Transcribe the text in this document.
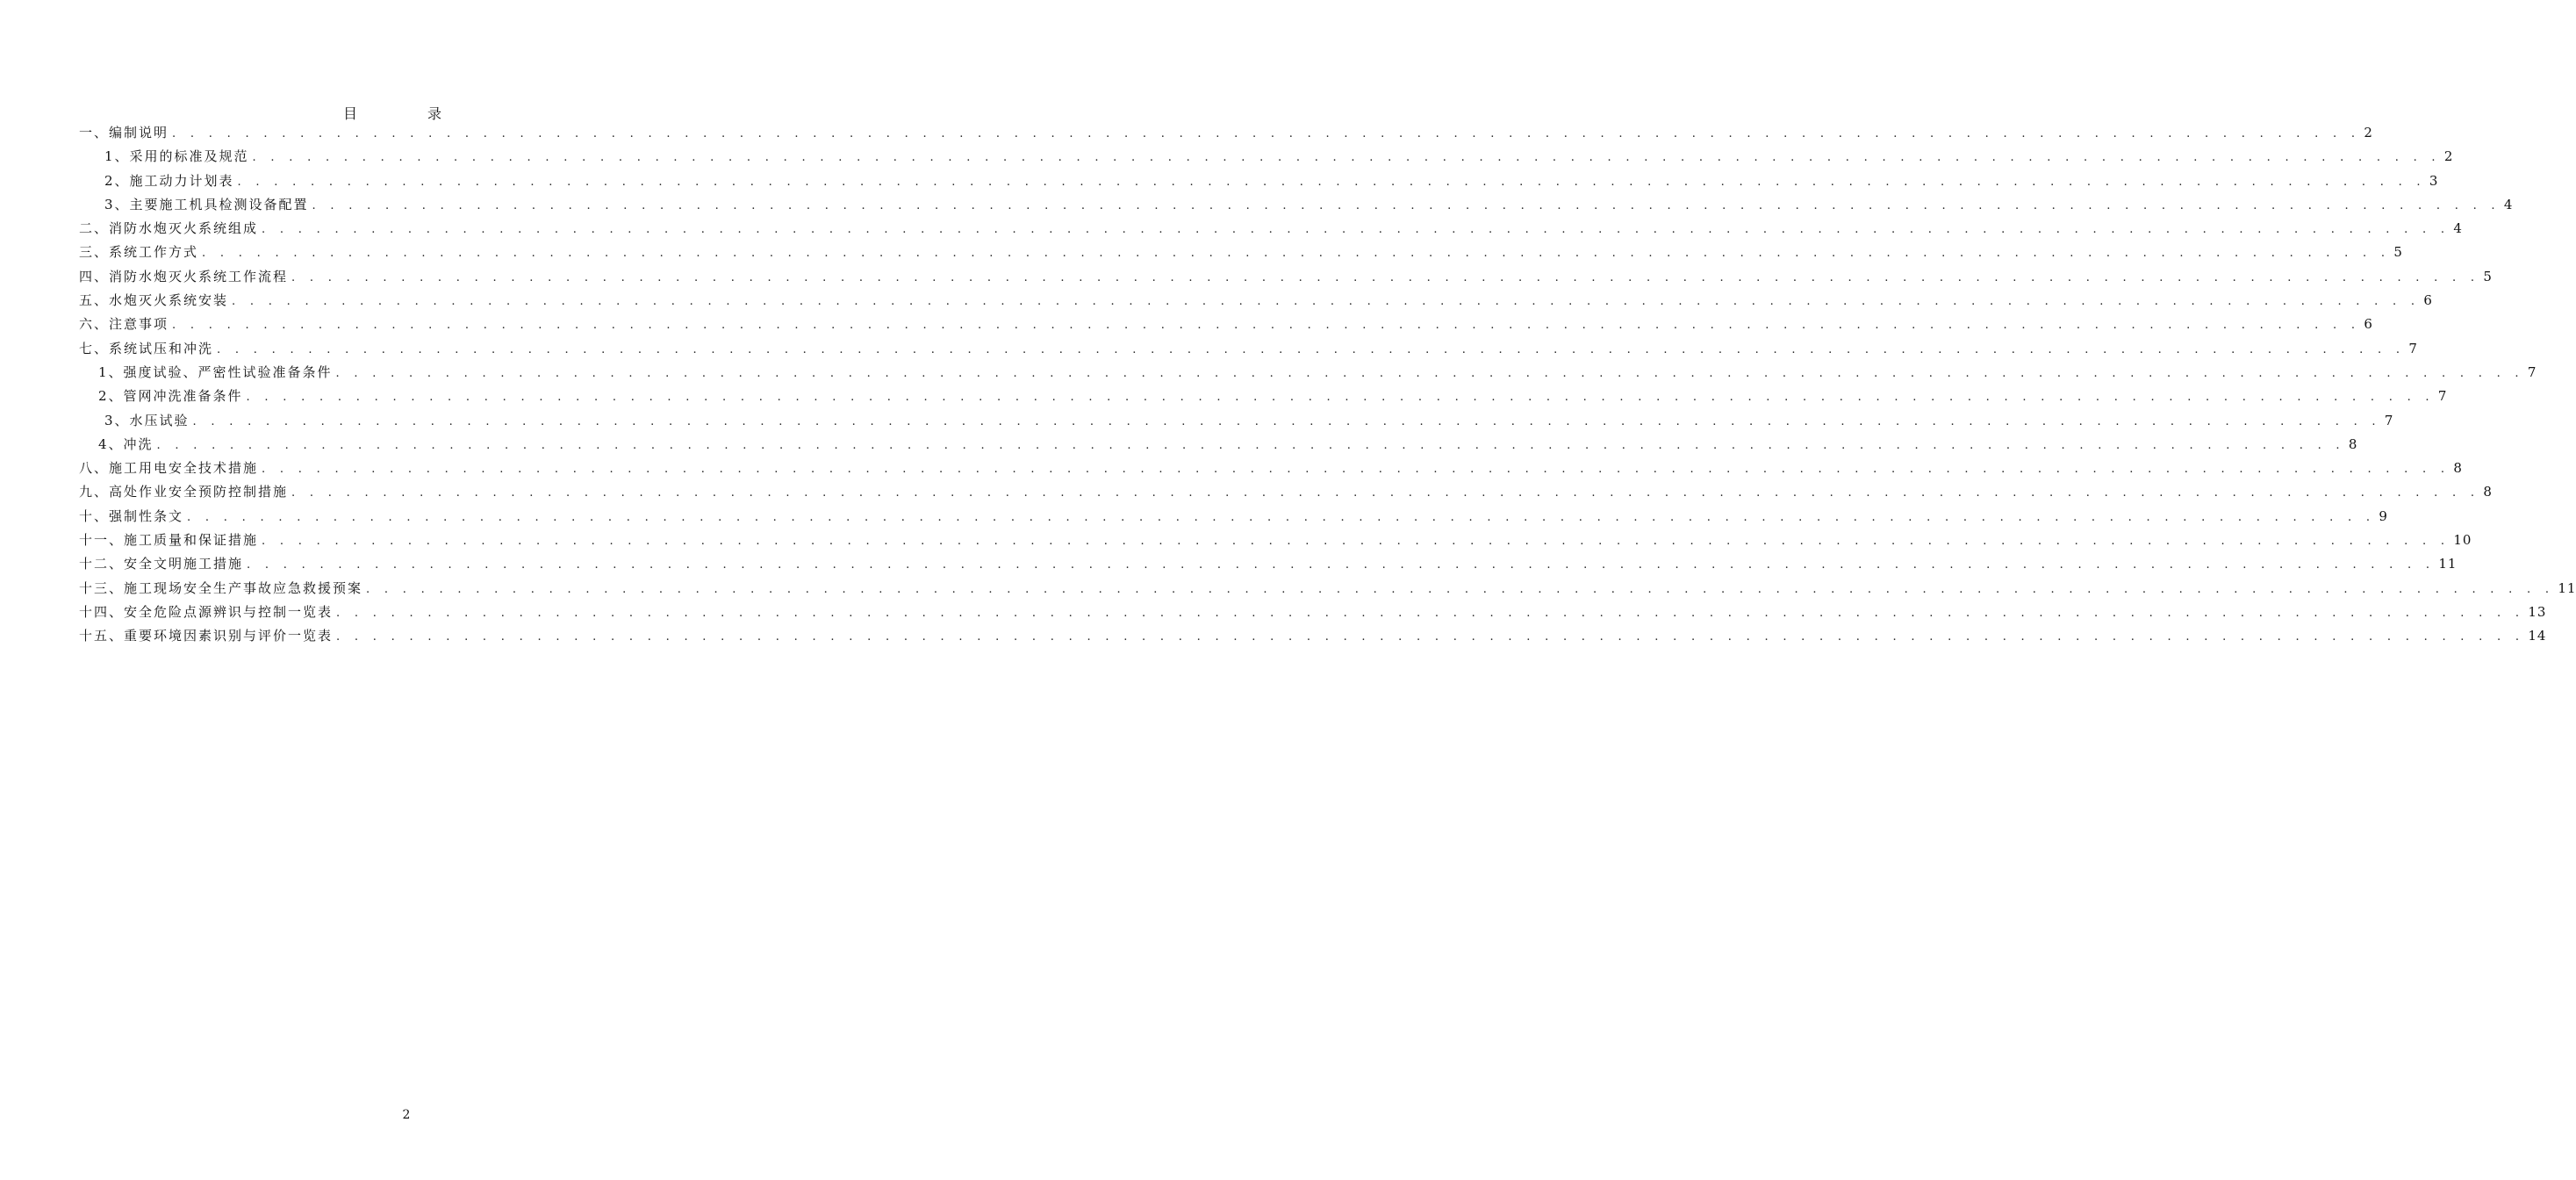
目　录
一、编制说明 . . . . . . . . . . . . . . . . . . . . . . . . . . . . . . . . . . . . . . . . . . . . . . . . . . . . . . . . . . . . . . . . . . . . . . . . . . . . . . . . . . . . . . . . . . . . . . . . . . . . . . . . . . . . . . . . . . . . . . . . 2
1、采用的标准及规范 . . . . . . . . . . . . . . . . . . . . . . . . . . . . . . . . . . . . . . . . . . . . . . . . . . . . . . . . . . . . . . . . . . . . . . . . . . . . . . . . . . . . . . . . . . . . . . . . . . . . . . . . . . . . . . . . . . . . . . . . 2
2、施工动力计划表 . . . . . . . . . . . . . . . . . . . . . . . . . . . . . . . . . . . . . . . . . . . . . . . . . . . . . . . . . . . . . . . . . . . . . . . . . . . . . . . . . . . . . . . . . . . . . . . . . . . . . . . . . . . . . . . . . . . . . . . . 3
3、主要施工机具检测设备配置 . . . . . . . . . . . . . . . . . . . . . . . . . . . . . . . . . . . . . . . . . . . . . . . . . . . . . . . . . . . . . . . . . . . . . . . . . . . . . . . . . . . . . . . . . . . . . . . . . . . . . . . . . . . . . . . . . . . . . . . . 4
二、消防水炮灭火系统组成 . . . . . . . . . . . . . . . . . . . . . . . . . . . . . . . . . . . . . . . . . . . . . . . . . . . . . . . . . . . . . . . . . . . . . . . . . . . . . . . . . . . . . . . . . . . . . . . . . . . . . . . . . . . . . . . . . . . . . . . . 4
三、系统工作方式 . . . . . . . . . . . . . . . . . . . . . . . . . . . . . . . . . . . . . . . . . . . . . . . . . . . . . . . . . . . . . . . . . . . . . . . . . . . . . . . . . . . . . . . . . . . . . . . . . . . . . . . . . . . . . . . . . . . . . . . . 5
四、消防水炮灭火系统工作流程 . . . . . . . . . . . . . . . . . . . . . . . . . . . . . . . . . . . . . . . . . . . . . . . . . . . . . . . . . . . . . . . . . . . . . . . . . . . . . . . . . . . . . . . . . . . . . . . . . . . . . . . . . . . . . . . . . . . . . . . . 5
五、水炮灭火系统安装 . . . . . . . . . . . . . . . . . . . . . . . . . . . . . . . . . . . . . . . . . . . . . . . . . . . . . . . . . . . . . . . . . . . . . . . . . . . . . . . . . . . . . . . . . . . . . . . . . . . . . . . . . . . . . . . . . . . . . . . . 6
六、注意事项 . . . . . . . . . . . . . . . . . . . . . . . . . . . . . . . . . . . . . . . . . . . . . . . . . . . . . . . . . . . . . . . . . . . . . . . . . . . . . . . . . . . . . . . . . . . . . . . . . . . . . . . . . . . . . . . . . . . . . . . . 6
七、系统试压和冲洗 . . . . . . . . . . . . . . . . . . . . . . . . . . . . . . . . . . . . . . . . . . . . . . . . . . . . . . . . . . . . . . . . . . . . . . . . . . . . . . . . . . . . . . . . . . . . . . . . . . . . . . . . . . . . . . . . . . . . . . . . 7
1、强度试验、严密性试验准备条件 . . . . . . . . . . . . . . . . . . . . . . . . . . . . . . . . . . . . . . . . . . . . . . . . . . . . . . . . . . . . . . . . . . . . . . . . . . . . . . . . . . . . . . . . . . . . . . . . . . . . . . . . . . . . . . . . . . . . . . . . 7
2、管网冲洗准备条件 . . . . . . . . . . . . . . . . . . . . . . . . . . . . . . . . . . . . . . . . . . . . . . . . . . . . . . . . . . . . . . . . . . . . . . . . . . . . . . . . . . . . . . . . . . . . . . . . . . . . . . . . . . . . . . . . . . . . . . . . 7
3、水压试验 . . . . . . . . . . . . . . . . . . . . . . . . . . . . . . . . . . . . . . . . . . . . . . . . . . . . . . . . . . . . . . . . . . . . . . . . . . . . . . . . . . . . . . . . . . . . . . . . . . . . . . . . . . . . . . . . . . . . . . . . 7
4、冲洗 . . . . . . . . . . . . . . . . . . . . . . . . . . . . . . . . . . . . . . . . . . . . . . . . . . . . . . . . . . . . . . . . . . . . . . . . . . . . . . . . . . . . . . . . . . . . . . . . . . . . . . . . . . . . . . . . . . . . . . . . 8
八、施工用电安全技术措施 . . . . . . . . . . . . . . . . . . . . . . . . . . . . . . . . . . . . . . . . . . . . . . . . . . . . . . . . . . . . . . . . . . . . . . . . . . . . . . . . . . . . . . . . . . . . . . . . . . . . . . . . . . . . . . . . . . . . . . . . 8
九、高处作业安全预防控制措施 . . . . . . . . . . . . . . . . . . . . . . . . . . . . . . . . . . . . . . . . . . . . . . . . . . . . . . . . . . . . . . . . . . . . . . . . . . . . . . . . . . . . . . . . . . . . . . . . . . . . . . . . . . . . . . . . . . . . . . . . 8
十、强制性条文 . . . . . . . . . . . . . . . . . . . . . . . . . . . . . . . . . . . . . . . . . . . . . . . . . . . . . . . . . . . . . . . . . . . . . . . . . . . . . . . . . . . . . . . . . . . . . . . . . . . . . . . . . . . . . . . . . . . . . . . . 9
十一、施工质量和保证措施 . . . . . . . . . . . . . . . . . . . . . . . . . . . . . . . . . . . . . . . . . . . . . . . . . . . . . . . . . . . . . . . . . . . . . . . . . . . . . . . . . . . . . . . . . . . . . . . . . . . . . . . . . . . . . . . . . . . . . . . . 10
十二、安全文明施工措施 . . . . . . . . . . . . . . . . . . . . . . . . . . . . . . . . . . . . . . . . . . . . . . . . . . . . . . . . . . . . . . . . . . . . . . . . . . . . . . . . . . . . . . . . . . . . . . . . . . . . . . . . . . . . . . . . . . . . . . . . 11
十三、施工现场安全生产事故应急救援预案 . . . . . . . . . . . . . . . . . . . . . . . . . . . . . . . . . . . . . . . . . . . . . . . . . . . . . . . . . . . . . . . . . . . . . . . . . . . . . . . . . . . . . . . . . . . . . . . . . . . . . . . . . . . . . . . . . . . . . . . . 11
十四、安全危险点源辨识与控制一览表 . . . . . . . . . . . . . . . . . . . . . . . . . . . . . . . . . . . . . . . . . . . . . . . . . . . . . . . . . . . . . . . . . . . . . . . . . . . . . . . . . . . . . . . . . . . . . . . . . . . . . . . . . . . . . . . . . . . . . . . . 13
十五、重要环境因素识别与评价一览表 . . . . . . . . . . . . . . . . . . . . . . . . . . . . . . . . . . . . . . . . . . . . . . . . . . . . . . . . . . . . . . . . . . . . . . . . . . . . . . . . . . . . . . . . . . . . . . . . . . . . . . . . . . . . . . . . . . . . . . . . 14
2
